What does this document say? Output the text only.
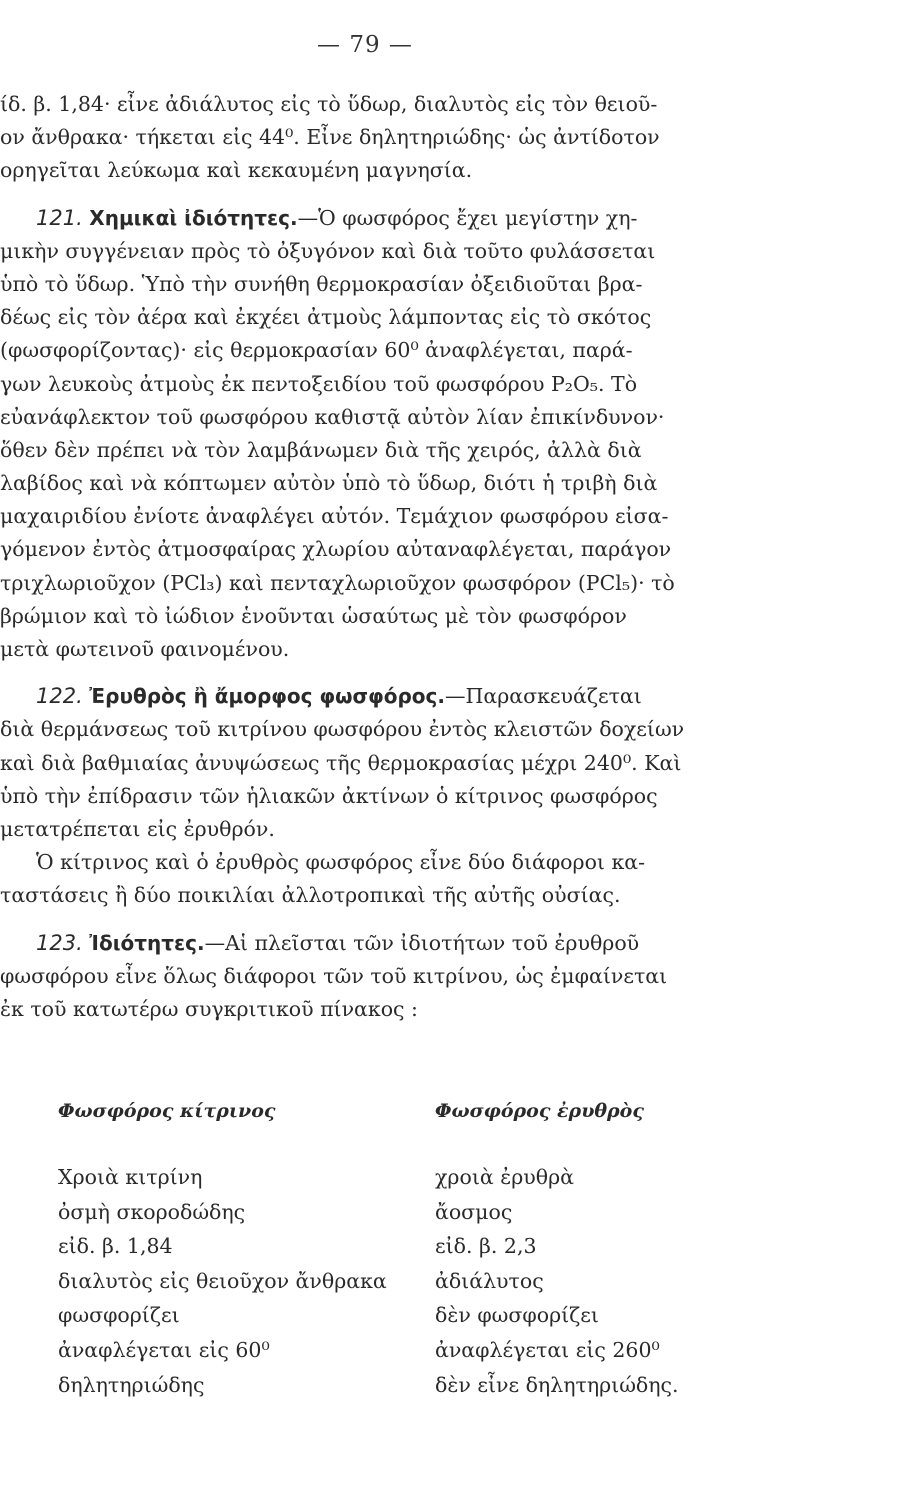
— 79 —
ίδ. β. 1,84· εἶνε ἀδιάλυτος εἰς τὸ ὕδωρ, διαλυτὸς εἰς τὸν θειοῦ-
ον ἄνθρακα· τήκεται εἰς 44⁰. Εἶνε δηλητηριώδης· ὡς ἀντίδοτον
ορηγεῖται λεύκωμα καὶ κεκαυμένη μαγνησία.
121. Χημικαὶ ἰδιότητες.—Ὁ φωσφόρος ἔχει μεγίστην χη-
μικὴν συγγένειαν πρὸς τὸ ὀξυγόνον καὶ διὰ τοῦτο φυλάσσεται
ὑπὸ τὸ ὕδωρ. Ὑπὸ τὴν συνήθη θερμοκρασίαν ὀξειδιοῦται βρα-
δέως εἰς τὸν ἀέρα καὶ ἐκχέει ἀτμοὺς λάμποντας εἰς τὸ σκότος
(φωσφορίζοντας)· εἰς θερμοκρασίαν 60⁰ ἀναφλέγεται, παρά-
γων λευκοὺς ἀτμοὺς ἐκ πεντοξειδίου τοῦ φωσφόρου P₂O₅. Τὸ
εὐανάφλεκτον τοῦ φωσφόρου καθιστᾷ αὐτὸν λίαν ἐπικίνδυνον·
ὅθεν δὲν πρέπει νὰ τὸν λαμβάνωμεν διὰ τῆς χειρός, ἀλλὰ διὰ
λαβίδος καὶ νὰ κόπτωμεν αὐτὸν ὑπὸ τὸ ὕδωρ, διότι ἡ τριβὴ διὰ
μαχαιριδίου ἐνίοτε ἀναφλέγει αὐτόν. Τεμάχιον φωσφόρου εἰσα-
γόμενον ἐντὸς ἀτμοσφαίρας χλωρίου αὐταναφλέγεται, παράγον
τριχλωριοῦχον (PCl₃) καὶ πενταχλωριοῦχον φωσφόρον (PCl₅)· τὸ
βρώμιον καὶ τὸ ἰώδιον ἑνοῦνται ὡσαύτως μὲ τὸν φωσφόρον
μετὰ φωτεινοῦ φαινομένου.
122. Ἐρυθρὸς ἢ ἄμορφος φωσφόρος.—Παρασκευάζεται
διὰ θερμάνσεως τοῦ κιτρίνου φωσφόρου ἐντὸς κλειστῶν δοχείων
καὶ διὰ βαθμιαίας ἀνυψώσεως τῆς θερμοκρασίας μέχρι 240⁰. Καὶ
ὑπὸ τὴν ἐπίδρασιν τῶν ἡλιακῶν ἀκτίνων ὁ κίτρινος φωσφόρος
μετατρέπεται εἰς ἐρυθρόν.
Ὁ κίτρινος καὶ ὁ ἐρυθρὸς φωσφόρος εἶνε δύο διάφοροι κα-
ταστάσεις ἢ δύο ποικιλίαι ἀλλοτροπικαὶ τῆς αὐτῆς οὐσίας.
123. Ἰδιότητες.—Αἱ πλεῖσται τῶν ἰδιοτήτων τοῦ ἐρυθροῦ
φωσφόρου εἶνε ὅλως διάφοροι τῶν τοῦ κιτρίνου, ὡς ἐμφαίνεται
ἐκ τοῦ κατωτέρω συγκριτικοῦ πίνακος :
Φωσφόρος κίτρινος	Φωσφόρος ἐρυθρὸς
Χροιὰ κιτρίνη	χροιὰ ἐρυθρὰ
ὀσμὴ σκοροδώδης	ἄοσμος
εἰδ. β. 1,84	εἰδ. β. 2,3
διαλυτὸς εἰς θειοῦχον ἄνθρακα	ἀδιάλυτος
φωσφορίζει	δὲν φωσφορίζει
ἀναφλέγεται εἰς 60⁰	ἀναφλέγεται εἰς 260⁰
δηλητηριώδης	δὲν εἶνε δηλητηριώδης.
